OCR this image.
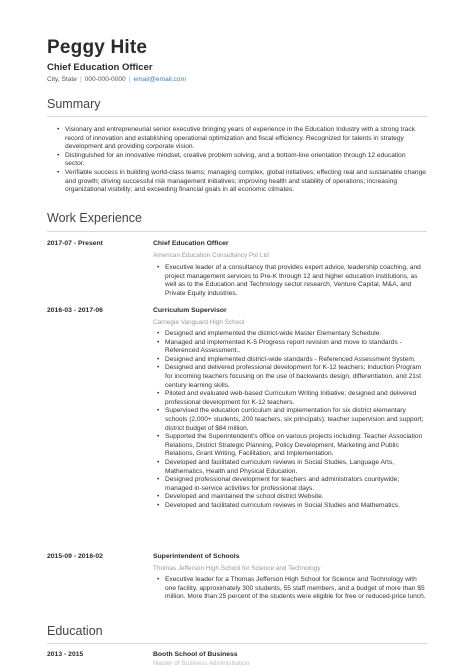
Peggy Hite
Chief Education Officer
City, State | 000-000-0000 | email@email.com
Summary
• Visionary and entrepreneurial senior executive bringing years of experience in the Education Industry with a strong track record of innovation and establishing operational optimization and fiscal efficiency. Recognized for talents in strategy development and providing corporate vision.
• Distinguished for an innovative mindset, creative problem solving, and a bottom-line orientation through 12 education sector.
• Verifiable success in building world-class teams; managing complex, global initiatives; effecting real and sustainable change and growth; driving successful risk management initiatives; improving health and stability of operations; increasing organizational visibility; and exceeding financial goals in all economic climates.
Work Experience
2017-07 - Present	Chief Education Officer
American Education Consultancy Pvt Ltd
• Executive leader of a consultancy that provides expert advice, leadership coaching, and project management services to Pre-K through 12 and higher education institutions, as well as to the Education and Technology sector research, Venture Capital, M&A, and Private Equity industries.
2016-03 - 2017-06	Curriculum Supervisor
Carnegie Vanguard High School
• Designed and implemented the district-wide Master Elementary Schedule.
• Managed and implemented K-5 Progress report revision and move to standards - Referenced Assessment..
• Designed and implemented district-wide standards - Referenced Assessment System.
• Designed and delivered professional development for K-12 teachers; Induction Program for incoming teachers focusing on the use of backwards design, differentiation, and 21st century learning skills.
• Piloted and evaluated web-based Curriculum Writing Initiative; designed and delivered professional development for K-12 teachers.
• Supervised the education curriculum and implementation for six district elementary schools (2,000+ students, 200 teachers, six principals); teacher supervision and support; district budget of $84 million.
• Supported the Superintendent's office on various projects including: Teacher Association Relations, District Strategic Planning, Policy Development, Marketing and Public Relations, Grant Writing, Facilitation, and Implementation.
• Developed and facilitated curriculum reviews in Social Studies, Language Arts, Mathematics, Health and Physical Education.
• Designed professional development for teachers and administrators countywide; managed in-service activities for professional days.
• Developed and maintained the school district Website.
• Developed and facilitated curriculum reviews in Social Studies and Mathematics.
2015-09 - 2016-02	Superintendent of Schools
Thomas Jefferson High School for Science and Technology
• Executive leader for a Thomas Jefferson High School for Science and Technology with one facility, approximately 300 students, 55 staff members, and a budget of more than $5 million. More than 25 percent of the students were eligible for free or reduced-price lunch.
Education
2013 - 2015	Booth School of Business
Master of Business Administration
